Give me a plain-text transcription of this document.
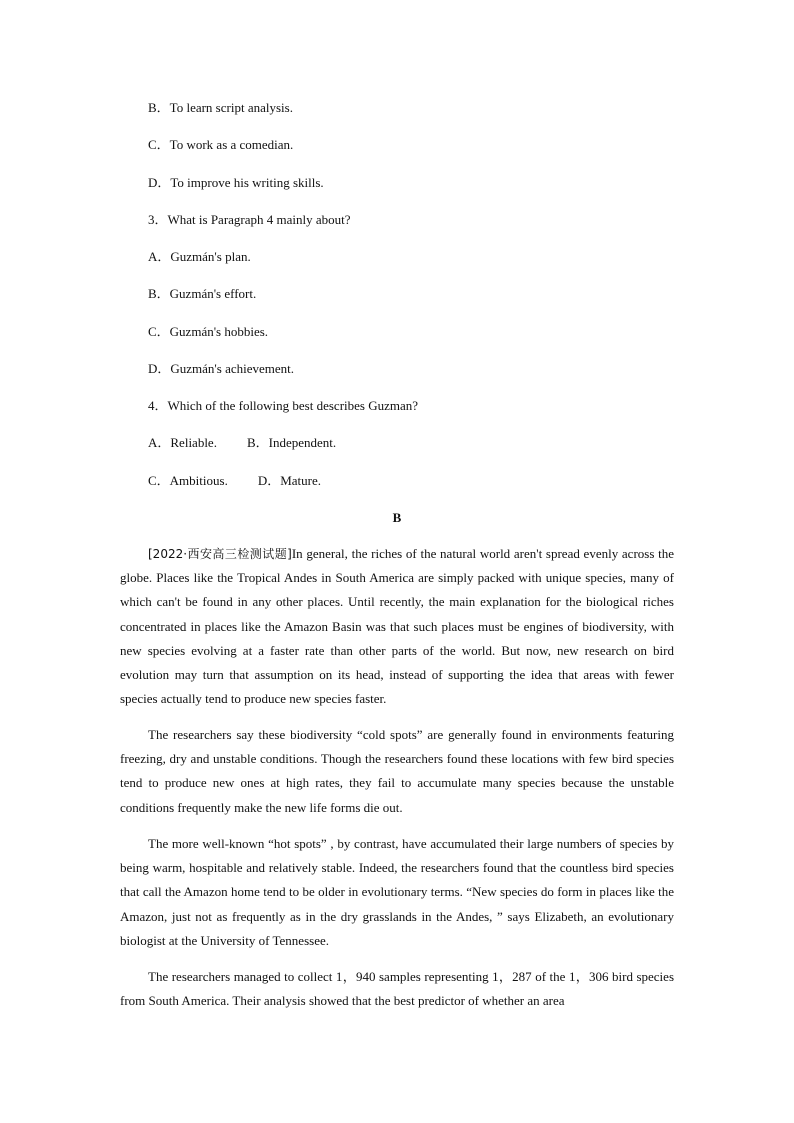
B．To learn script analysis.
C．To work as a comedian.
D．To improve his writing skills.
3．What is Paragraph 4 mainly about?
A．Guzmán's plan.
B．Guzmán's effort.
C．Guzmán's hobbies.
D．Guzmán's achievement.
4．Which of the following best describes Guzman?
A．Reliable. B．Independent.
C．Ambitious. D．Mature.
B
[2022·西安高三检测试题]In general, the riches of the natural world aren't spread evenly across the globe. Places like the Tropical Andes in South America are simply packed with unique species, many of which can't be found in any other places. Until recently, the main explanation for the biological riches concentrated in places like the Amazon Basin was that such places must be engines of biodiversity, with new species evolving at a faster rate than other parts of the world. But now, new research on bird evolution may turn that assumption on its head, instead of supporting the idea that areas with fewer species actually tend to produce new species faster.
The researchers say these biodiversity “cold spots” are generally found in environments featuring freezing, dry and unstable conditions. Though the researchers found these locations with few bird species tend to produce new ones at high rates, they fail to accumulate many species because the unstable conditions frequently make the new life forms die out.
The more well-known “hot spots” , by contrast, have accumulated their large numbers of species by being warm, hospitable and relatively stable. Indeed, the researchers found that the countless bird species that call the Amazon home tend to be older in evolutionary terms. “New species do form in places like the Amazon, just not as frequently as in the dry grasslands in the Andes, ” says Elizabeth, an evolutionary biologist at the University of Tennessee.
The researchers managed to collect 1，940 samples representing 1，287 of the 1，306 bird species from South America. Their analysis showed that the best predictor of whether an area
